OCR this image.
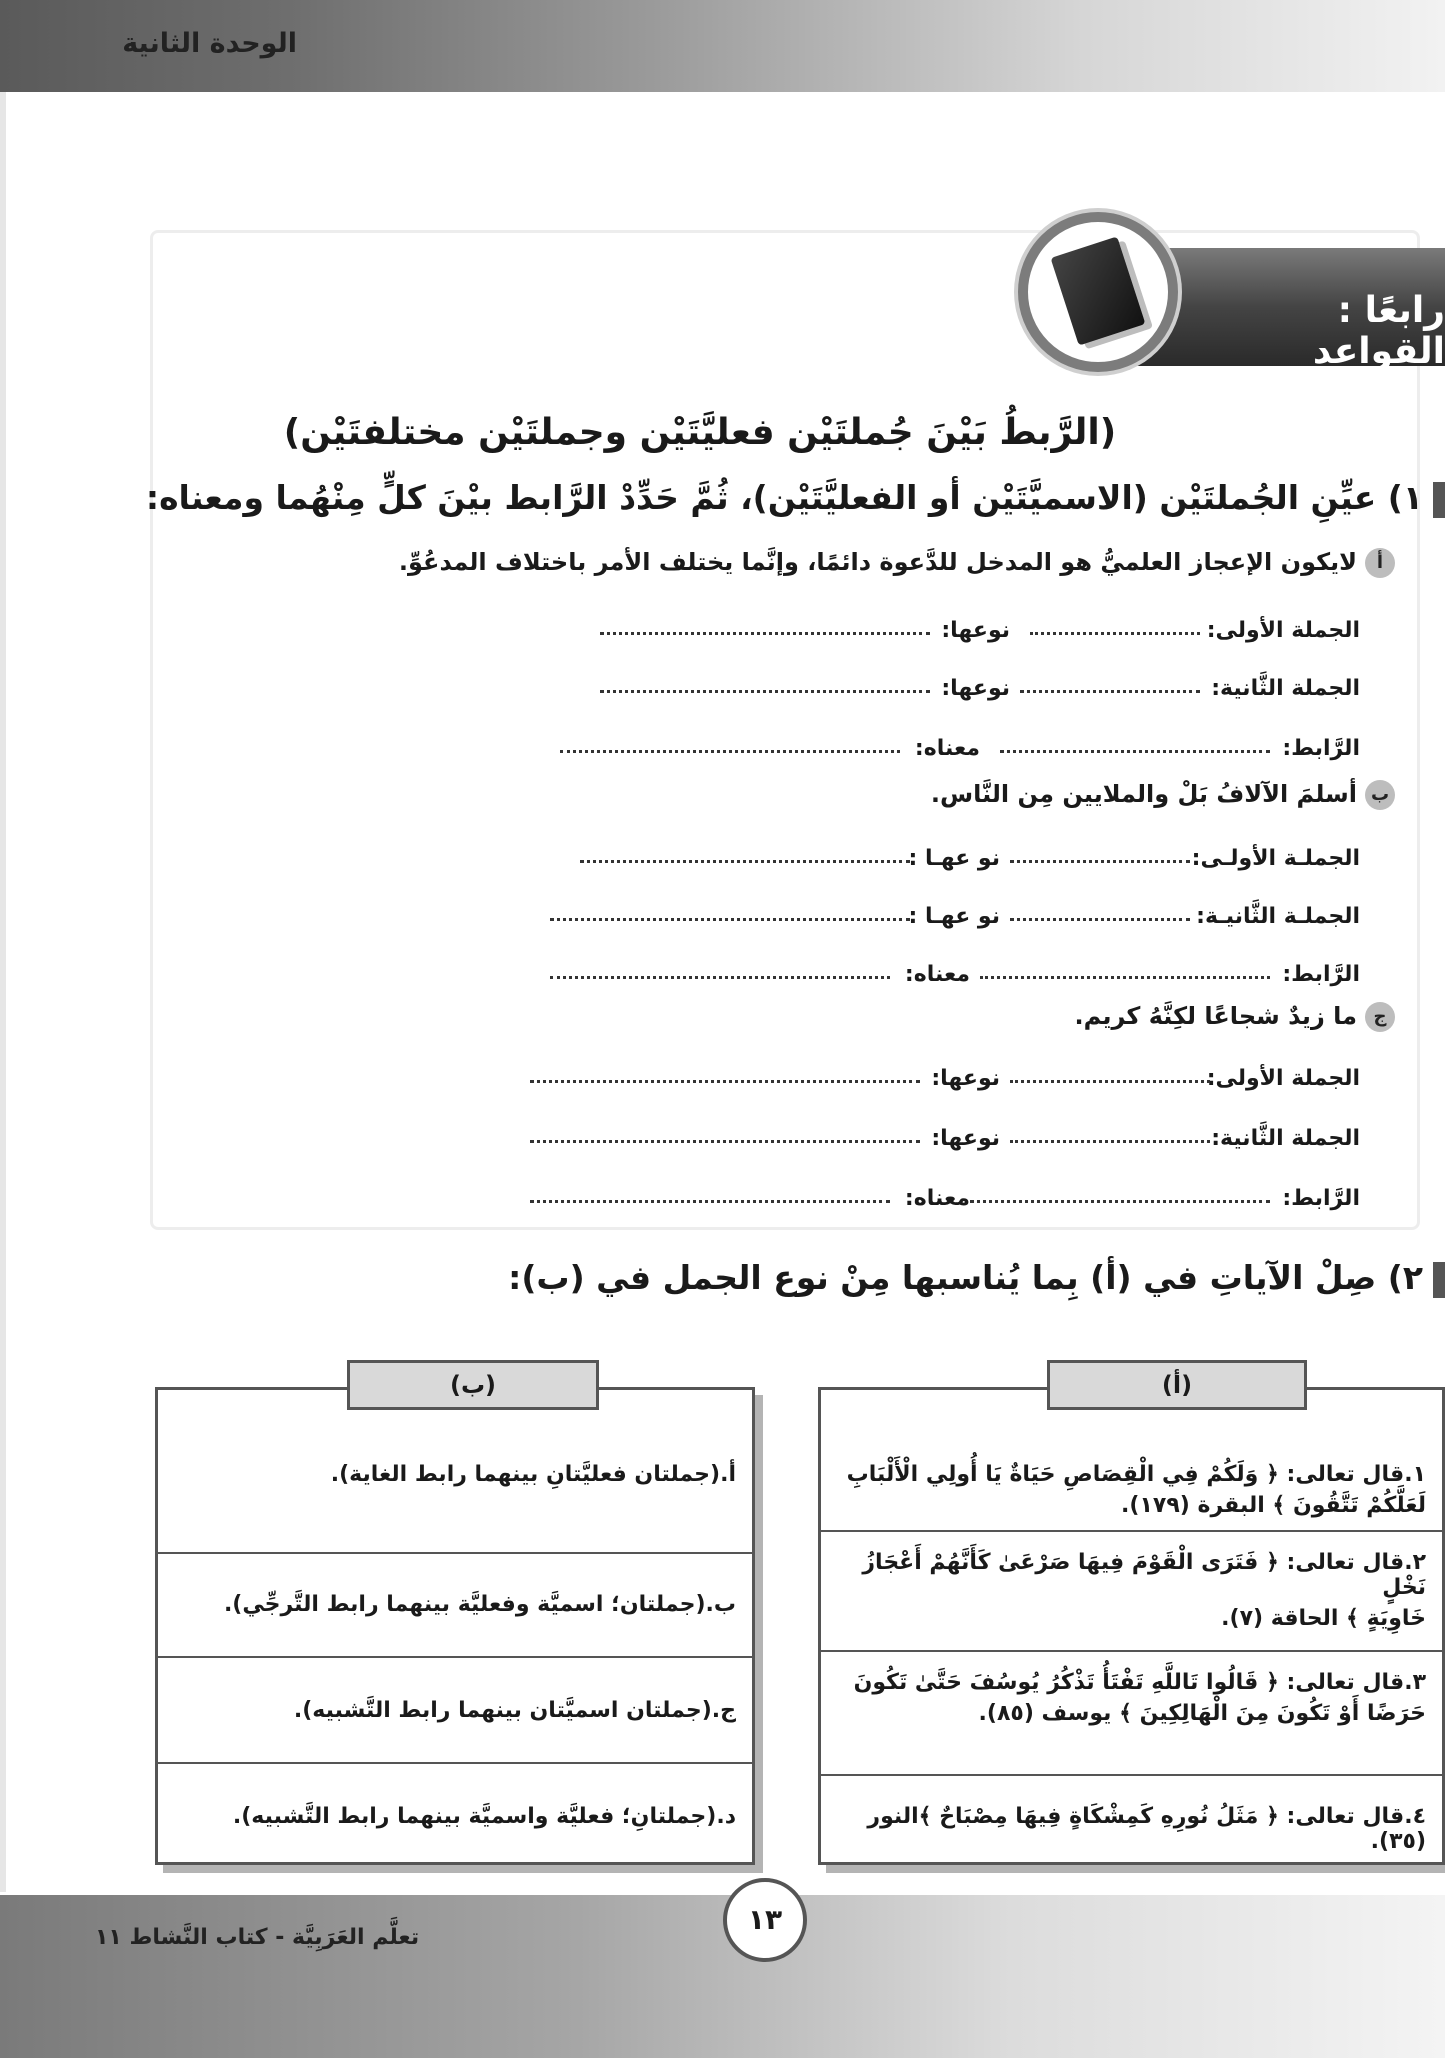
الوحدة الثانية
رابعًا : القواعد
(الرَّبطُ بَيْنَ جُملتَيْن فعليَّتَيْن وجملتَيْن مختلفتَيْن)
١) عيِّنِ الجُملتَيْن (الاسميَّتَيْن أو الفعليَّتَيْن)، ثُمَّ حَدِّدْ الرَّابط بيْنَ كلٍّ مِنْهُما ومعناه:
ألايكون الإعجاز العلميُّ هو المدخل للدَّعوة دائمًا، وإنَّما يختلف الأمر باختلاف المدعُوِّ.
الجملة الأولى:
نوعها:
الجملة الثَّانية:
نوعها:
الرَّابط:
معناه:
بأسلمَ الآلافُ بَلْ والملايين مِن النَّاس.
الجملـة الأولـى:
نو عهـا :
الجملـة الثَّانيـة:
نو عهـا :
الرَّابط:
معناه:
جما زيدٌ شجاعًا لكِنَّهُ كريم.
الجملة الأولى:
نوعها:
الجملة الثَّانية:
نوعها:
الرَّابط:
معناه:
٢) صِلْ الآياتِ في (أ) بِما يُناسبها مِنْ نوع الجمل في (ب):
١.قال تعالى: ﴿ وَلَكُمْ فِي الْقِصَاصِ حَيَاةٌ يَا أُولِي الْأَلْبَابِ
لَعَلَّكُمْ تَتَّقُونَ ﴾ البقرة (١٧٩).
٢.قال تعالى: ﴿ فَتَرَى الْقَوْمَ فِيهَا صَرْعَىٰ كَأَنَّهُمْ أَعْجَازُ نَخْلٍ
خَاوِيَةٍ ﴾ الحاقة (٧).
٣.قال تعالى: ﴿ قَالُوا تَاللَّهِ تَفْتَأُ تَذْكُرُ يُوسُفَ حَتَّىٰ تَكُونَ
حَرَضًا أَوْ تَكُونَ مِنَ الْهَالِكِينَ ﴾ يوسف (٨٥).
٤.قال تعالى: ﴿ مَثَلُ نُورِهِ كَمِشْكَاةٍ فِيهَا مِصْبَاحٌ ﴾النور (٣٥).
(أ)
أ.(جملتان فعليَّتانِ بينهما رابط الغاية).
ب.(جملتان؛ اسميَّة وفعليَّة بينهما رابط التَّرجِّي).
ج.(جملتان اسميَّتان بينهما رابط التَّشبيه).
د.(جملتانِ؛ فعليَّة واسميَّة بينهما رابط التَّشبيه).
(ب)
تعلَّم العَرَبِيَّة - كتاب النَّشاط ١١
١٣
